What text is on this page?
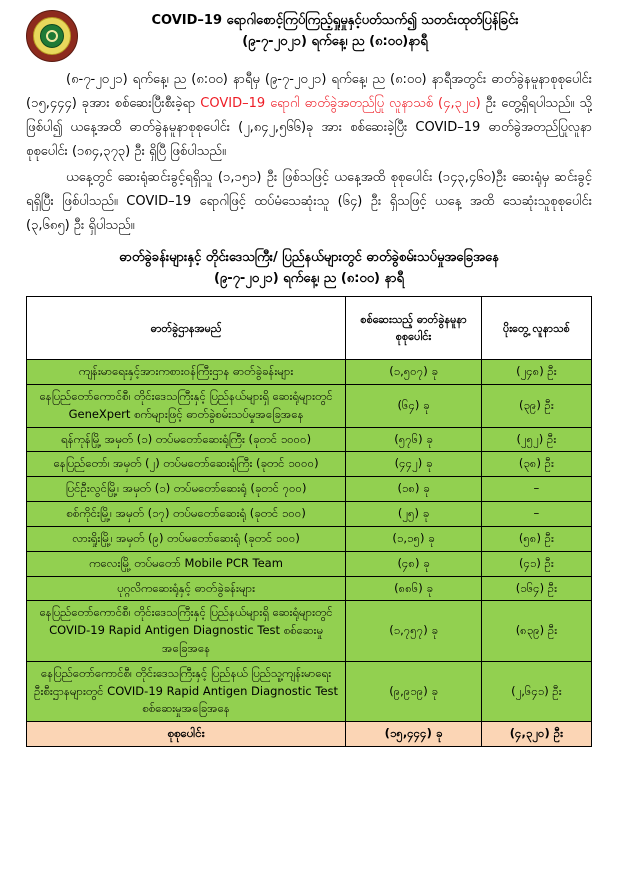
COVID–19 ရောဂါစောင့်ကြပ်ကြည့်ရှုမှုနှင့်ပတ်သက်၍ သတင်းထုတ်ပြန်ခြင်း
(၉-၇-၂၀၂၁) ရက်နေ့၊ ည (၈:၀၀)နာရီ

(၈-၇-၂၀၂၁) ရက်နေ့၊ ည (၈:၀၀) နာရီမှ (၉-၇-၂၀၂၁) ရက်နေ့၊ ည (၈:၀၀) နာရီအတွင်း ဓာတ်ခွဲနမူနာစုစုပေါင်း (၁၅,၄၄၄) ခုအား စစ်ဆေးပြီးစီးခဲ့ရာ COVID–19 ရောဂါ ဓာတ်ခွဲအတည်ပြု လူနာသစ် (၄,၃၂၀) ဦး တွေ့ရှိရပါသည်။ သို့ဖြစ်ပါ၍ ယနေ့အထိ ဓာတ်ခွဲနမူနာစုစုပေါင်း (၂,၈၄၂,၅၆၆)ခု အား စစ်ဆေးခဲ့ပြီး COVID–19 ဓာတ်ခွဲအတည်ပြုလူနာ စုစုပေါင်း (၁၈၄,၃၇၃) ဦး ရှိပြီ ဖြစ်ပါသည်။

ယနေ့တွင် ဆေးရုံဆင်းခွင့်ရရှိသူ (၁,၁၅၁) ဦး ဖြစ်သဖြင့် ယနေ့အထိ စုစုပေါင်း (၁၄၃,၄၆၀)ဦး ဆေးရုံမှ ဆင်းခွင့်ရရှိပြီး ဖြစ်ပါသည်။ COVID–19 ရောဂါဖြင့် ထပ်မံသေဆုံးသူ (၆၄) ဦး ရှိသဖြင့် ယနေ့ အထိ သေဆုံးသူစုစုပေါင်း (၃,၆၈၅) ဦး ရှိပါသည်။

ဓာတ်ခွဲခန်းများနှင့် တိုင်းဒေသကြီး/ ပြည်နယ်များတွင် ဓာတ်ခွဲစမ်းသပ်မှုအခြေအနေ
(၉-၇-၂၀၂၁) ရက်နေ့၊ ည (၈:၀၀) နာရီ
ဓာတ်ခွဲဌာနအမည်	စစ်ဆေးသည့် ဓာတ်ခွဲနမူနာ စုစုပေါင်း	ပိုးတွေ့ လူနာသစ်
ကျန်းမာရေးနှင့်အားကစားဝန်ကြီးဌာန ဓာတ်ခွဲခန်းများ	(၁,၅၀၇) ခု	(၂၄၈) ဦး
နေပြည်တော်ကောင်စီ၊ တိုင်းဒေသကြီးနှင့် ပြည်နယ်များရှိ ဆေးရုံများတွင် GeneXpert စက်များဖြင့် ဓာတ်ခွဲစမ်းသပ်မှုအခြေအနေ	(၆၄) ခု	(၃၉) ဦး
ရန်ကုန်မြို့ အမှတ် (၁) တပ်မတော်ဆေးရုံကြီး (ခုတင် ၁၀၀၀)	(၅၇၆) ခု	(၂၅၂) ဦး
နေပြည်တော်၊ အမှတ် (၂) တပ်မတော်ဆေးရုံကြီး (ခုတင် ၁၀၀၀)	(၄၄၂) ခု	(၃၈) ဦး
ပြင်ဦးလွင်မြို့၊ အမှတ် (၁) တပ်မတော်ဆေးရုံ (ခုတင် ၇၀၀)	(၁၈) ခု	–
စစ်ကိုင်းမြို့၊ အမှတ် (၁၇) တပ်မတော်ဆေးရုံ (ခုတင် ၁၀၀)	(၂၅) ခု	–
လားရှိုးမြို့၊ အမှတ် (၉) တပ်မတော်ဆေးရုံ (ခုတင် ၁၀၀)	(၁,၁၅) ခု	(၅၈) ဦး
ကလေးမြို့ တပ်မတော် Mobile PCR Team	(၄၈) ခု	(၄၁) ဦး
ပုဂ္ဂလိကဆေးရုံနှင့် ဓာတ်ခွဲခန်းများ	(၈၈၆) ခု	(၁၆၄) ဦး
နေပြည်တော်ကောင်စီ၊ တိုင်းဒေသကြီးနှင့် ပြည်နယ်များရှိ ဆေးရုံများတွင် COVID-19 Rapid Antigen Diagnostic Test စစ်ဆေးမှုအခြေအနေ	(၁,၇၅၇) ခု	(၈၃၉) ဦး
နေပြည်တော်ကောင်စီ၊ တိုင်းဒေသကြီးနှင့် ပြည်နယ် ပြည်သူ့ကျန်းမာရေးဦးစီးဌာနများတွင် COVID-19 Rapid Antigen Diagnostic Test စစ်ဆေးမှုအခြေအနေ	(၉,၉၁၉) ခု	(၂,၆၄၁) ဦး
စုစုပေါင်း	(၁၅,၄၄၄) ခု	(၄,၃၂၀) ဦး
